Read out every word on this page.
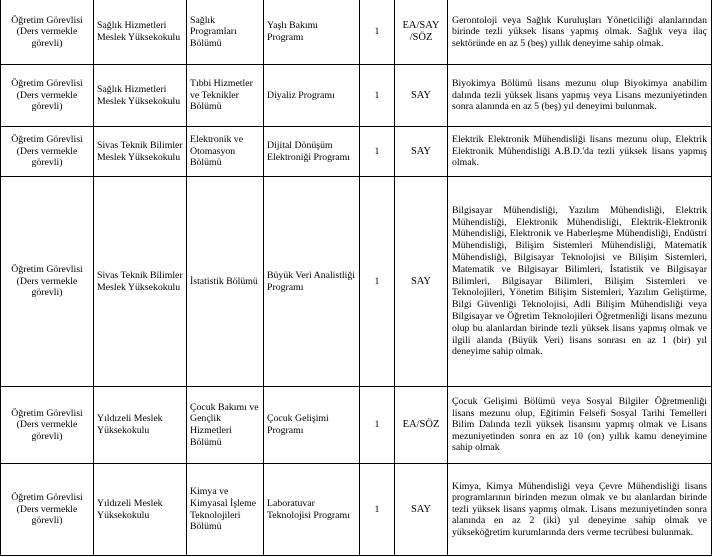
Öğretim Görevlisi (Ders vermekle görevli)	Sağlık Hizmetleri Meslek Yüksekokulu	Sağlık Programları Bölümü	Yaşlı Bakımı Programı	1	EA/SAY /SÖZ	Gerontoloji veya Sağlık Kuruluşları Yöneticiliği alanlarından birinde tezli yüksek lisans yapmış olmak. Sağlık veya ilaç sektöründe en az 5 (beş) yıllık deneyime sahip olmak.
Öğretim Görevlisi (Ders vermekle görevli)	Sağlık Hizmetleri Meslek Yüksekokulu	Tıbbi Hizmetler ve Teknikler Bölümü	Diyaliz Programı	1	SAY	Biyokimya Bölümü lisans mezunu olup Biyokimya anabilim dalında tezli yüksek lisans yapmış veya Lisans mezuniyetinden sonra alanında en az 5 (beş) yıl deneyimi bulunmak.
Öğretim Görevlisi (Ders vermekle görevli)	Sivas Teknik Bilimler Meslek Yüksekokulu	Elektronik ve Otomasyon Bölümü	Dijital Dönüşüm Elektroniği Programı	1	SAY	Elektrik Elektronik Mühendisliği lisans mezunu olup, Elektrik Elektronik Mühendisliği A.B.D.'da tezli yüksek lisans yapmış olmak.
Öğretim Görevlisi (Ders vermekle görevli)	Sivas Teknik Bilimler Meslek Yüksekokulu	İstatistik Bölümü	Büyük Veri Analistliği Programı	1	SAY	Bilgisayar Mühendisliği, Yazılım Mühendisliği, Elektrik Mühendisliği, Elektronik Mühendisliği, Elektrik-Elektronik Mühendisliği, Elektronik ve Haberleşme Mühendisliği, Endüstri Mühendisliği, Bilişim Sistemleri Mühendisliği, Matematik Mühendisliği, Bilgisayar Teknolojisi ve Bilişim Sistemleri, Matematik ve Bilgisayar Bilimleri, İstatistik ve Bilgisayar Bilimleri, Bilgisayar Bilimleri, Bilişim Sistemleri ve Teknolojileri, Yönetim Bilişim Sistemleri, Yazılım Geliştirme, Bilgi Güvenliği Teknolojisi, Adli Bilişim Mühendisliği veya Bilgisayar ve Öğretim Teknolojileri Öğretmenliği lisans mezunu olup bu alanlardan birinde tezli yüksek lisans yapmış olmak ve ilgili alanda (Büyük Veri) lisans sonrası en az 1 (bir) yıl deneyime sahip olmak.
Öğretim Görevlisi (Ders vermekle görevli)	Yıldızeli Meslek Yüksekokulu	Çocuk Bakımı ve Gençlik Hizmetleri Bölümü	Çocuk Gelişimi Programı	1	EA/SÖZ	Çocuk Gelişimi Bölümü veya Sosyal Bilgiler Öğretmenliği lisans mezunu olup, Eğitimin Felsefi Sosyal Tarihi Temelleri Bilim Dalında tezli yüksek lisansını yapmış olmak ve Lisans mezuniyetinden sonra en az 10 (on) yıllık kamu deneyimine sahip olmak
Öğretim Görevlisi (Ders vermekle görevli)	Yıldızeli Meslek Yüksekokulu	Kimya ve Kimyasal İşleme Teknolojileri Bölümü	Laboratuvar Teknolojisi Programı	1	SAY	Kimya, Kimya Mühendisliği veya Çevre Mühendisliği lisans programlarının birinden mezun olmak ve bu alanlardan birinde tezli yüksek lisans yapmış olmak. Lisans mezuniyetinden sonra alanında en az 2 (iki) yıl deneyime sahip olmak ve yükseköğretim kurumlarında ders verme tecrübesi bulunmak.
